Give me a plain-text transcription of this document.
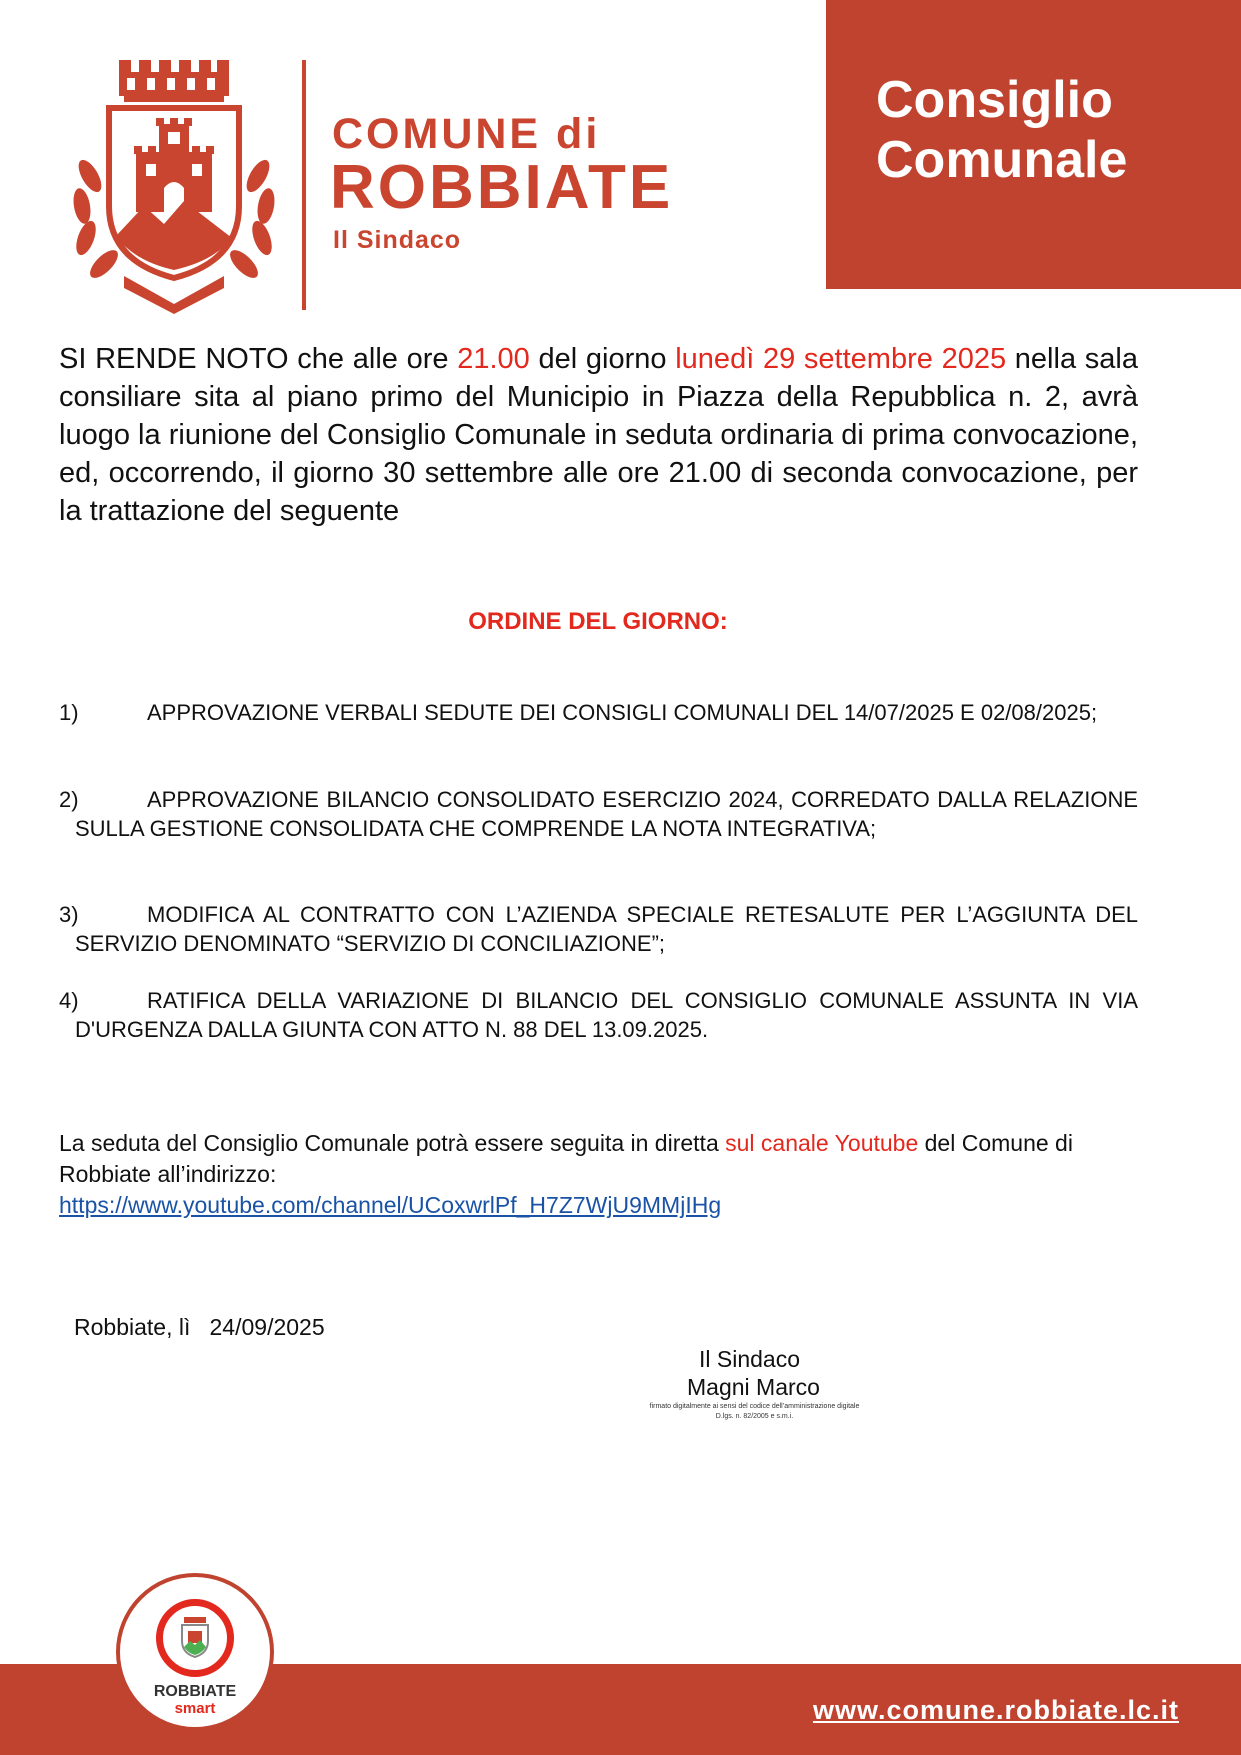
COMUNE di
ROBBIATE
Il Sindaco
Consiglio
Comunale

SI RENDE NOTO che alle ore 21.00 del giorno lunedì 29 settembre 2025 nella sala consiliare sita al piano primo del Municipio in Piazza della Repubblica n. 2, avrà luogo la riunione del Consiglio Comunale in seduta ordinaria di prima convocazione, ed, occorrendo, il giorno 30 settembre alle ore 21.00 di seconda convocazione, per la trattazione del seguente

ORDINE DEL GIORNO:
1)	APPROVAZIONE VERBALI SEDUTE DEI CONSIGLI COMUNALI DEL 14/07/2025 E 02/08/2025;
2)	APPROVAZIONE BILANCIO CONSOLIDATO ESERCIZIO 2024, CORREDATO DALLA RELAZIONE SULLA GESTIONE CONSOLIDATA CHE COMPRENDE LA NOTA INTEGRATIVA;
3)	MODIFICA AL CONTRATTO CON L’AZIENDA SPECIALE RETESALUTE PER L’AGGIUNTA DEL SERVIZIO DENOMINATO “SERVIZIO DI CONCILIAZIONE”;
4)	RATIFICA DELLA VARIAZIONE DI BILANCIO DEL CONSIGLIO COMUNALE ASSUNTA IN VIA D'URGENZA DALLA GIUNTA CON ATTO N. 88 DEL 13.09.2025.
La seduta del Consiglio Comunale potrà essere seguita in diretta sul canale Youtube del Comune di Robbiate all’indirizzo:
https://www.youtube.com/channel/UCoxwrlPf_H7Z7WjU9MMjIHg
Robbiate, lì   24/09/2025
Il Sindaco
Magni Marco
firmato digitalmente ai sensi del codice dell’amministrazione digitale D.lgs. n. 82/2005 e s.m.i.
www.comune.robbiate.lc.it
ROBBIATE
smart
